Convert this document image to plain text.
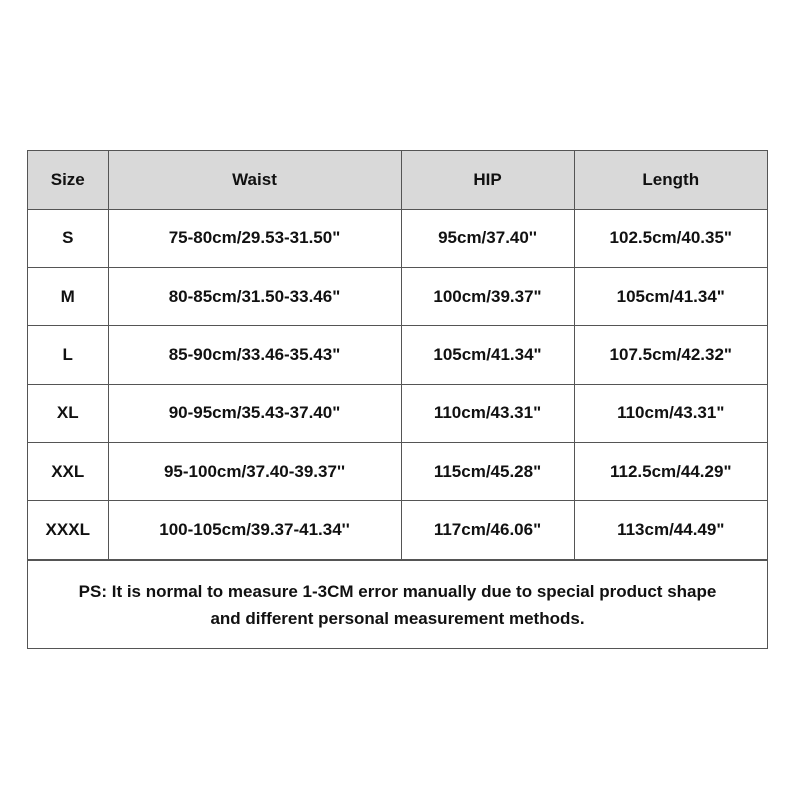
Size	Waist	HIP	Length
S	75-80cm/29.53-31.50"	95cm/37.40''	102.5cm/40.35"
M	80-85cm/31.50-33.46"	100cm/39.37"	105cm/41.34"
L	85-90cm/33.46-35.43"	105cm/41.34"	107.5cm/42.32"
XL	90-95cm/35.43-37.40"	110cm/43.31"	110cm/43.31"
XXL	95-100cm/37.40-39.37''	115cm/45.28"	112.5cm/44.29"
XXXL	100-105cm/39.37-41.34''	117cm/46.06"	113cm/44.49"
PS: It is normal to measure 1-3CM error manually due to special product shape
and different personal measurement methods.
